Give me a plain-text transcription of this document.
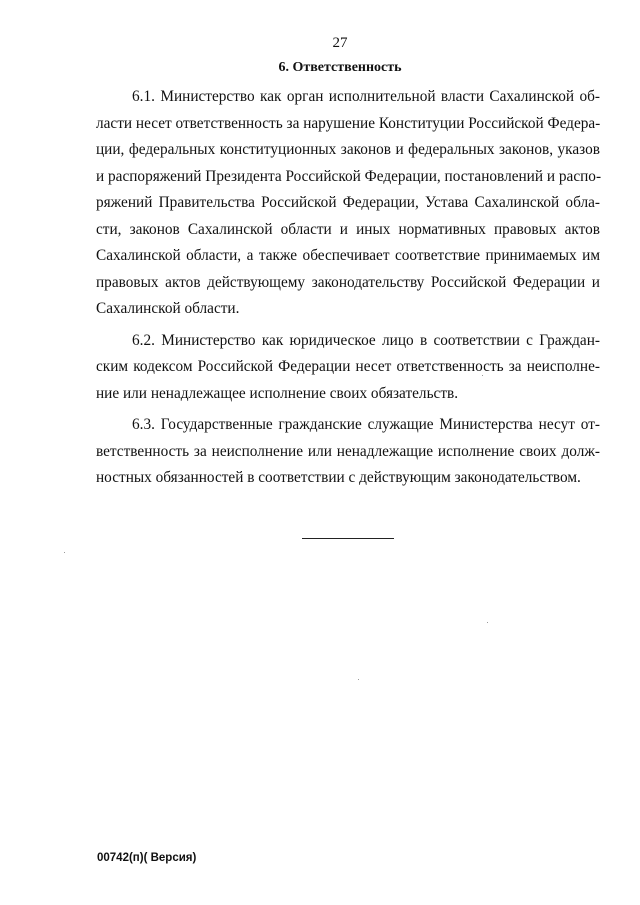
27
6. Ответственность
6.1. Министерство как орган исполнительной власти Сахалинской об-
ласти несет ответственность за нарушение Конституции Российской Федера-
ции, федеральных конституционных законов и федеральных законов, указов
и распоряжений Президента Российской Федерации, постановлений и распо-
ряжений Правительства Российской Федерации, Устава Сахалинской обла-
сти, законов Сахалинской области и иных нормативных правовых актов
Сахалинской области, а также обеспечивает соответствие принимаемых им
правовых актов действующему законодательству Российской Федерации и
Сахалинской области.
6.2. Министерство как юридическое лицо в соответствии с Граждан-
ским кодексом Российской Федерации несет ответственность за неисполне-
ние или ненадлежащее исполнение своих обязательств.
6.3. Государственные гражданские служащие Министерства несут от-
ветственность за неисполнение или ненадлежащие исполнение своих долж-
ностных обязанностей в соответствии с действующим законодательством.
00742(п)( Версия)
